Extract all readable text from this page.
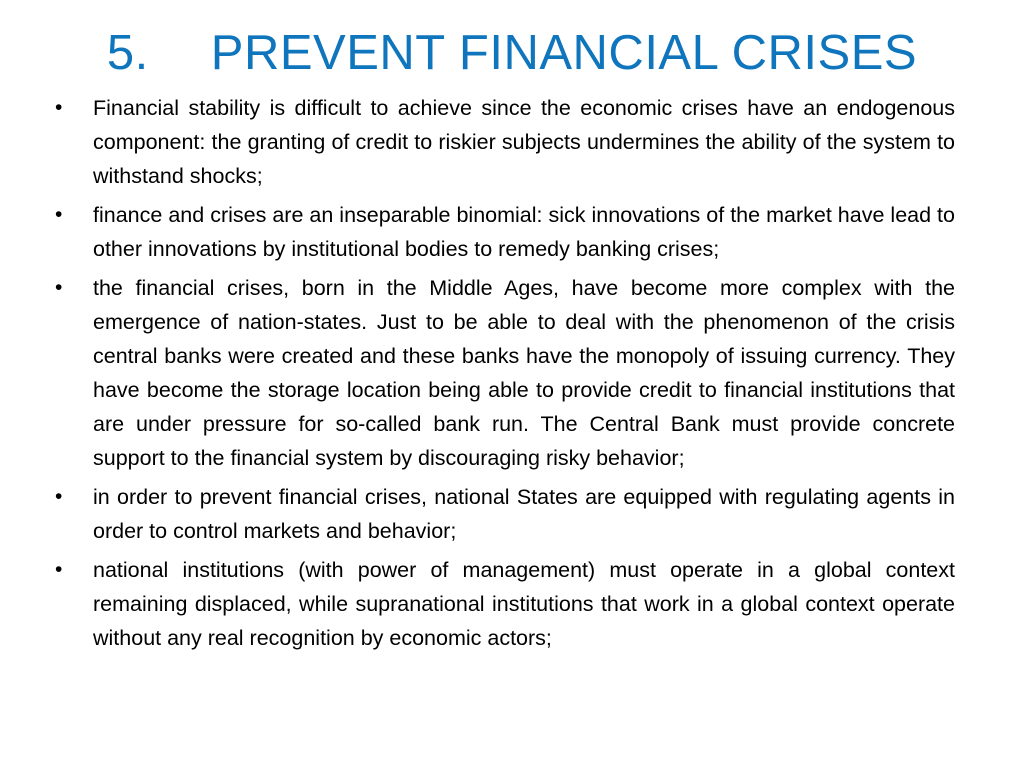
5. PREVENT FINANCIAL CRISES
•	Financial stability is difficult to achieve since the economic crises have an endogenous component: the granting of credit to riskier subjects undermines the ability of the system to withstand shocks;
•	finance and crises are an inseparable binomial: sick innovations of the market have lead to other innovations by institutional bodies to remedy banking crises;
•	the financial crises, born in the Middle Ages, have become more complex with the emergence of nation-states. Just to be able to deal with the phenomenon of the crisis central banks were created and these banks have the monopoly of issuing currency. They have become the storage location being able to provide credit to financial institutions that are under pressure for so-called bank run. The Central Bank must provide concrete support to the financial system by discouraging risky behavior;
•	in order to prevent financial crises, national States are equipped with regulating agents in order to control markets and behavior;
•	national institutions (with power of management) must operate in a global context remaining displaced, while supranational institutions that work in a global context operate without any real recognition by economic actors;
